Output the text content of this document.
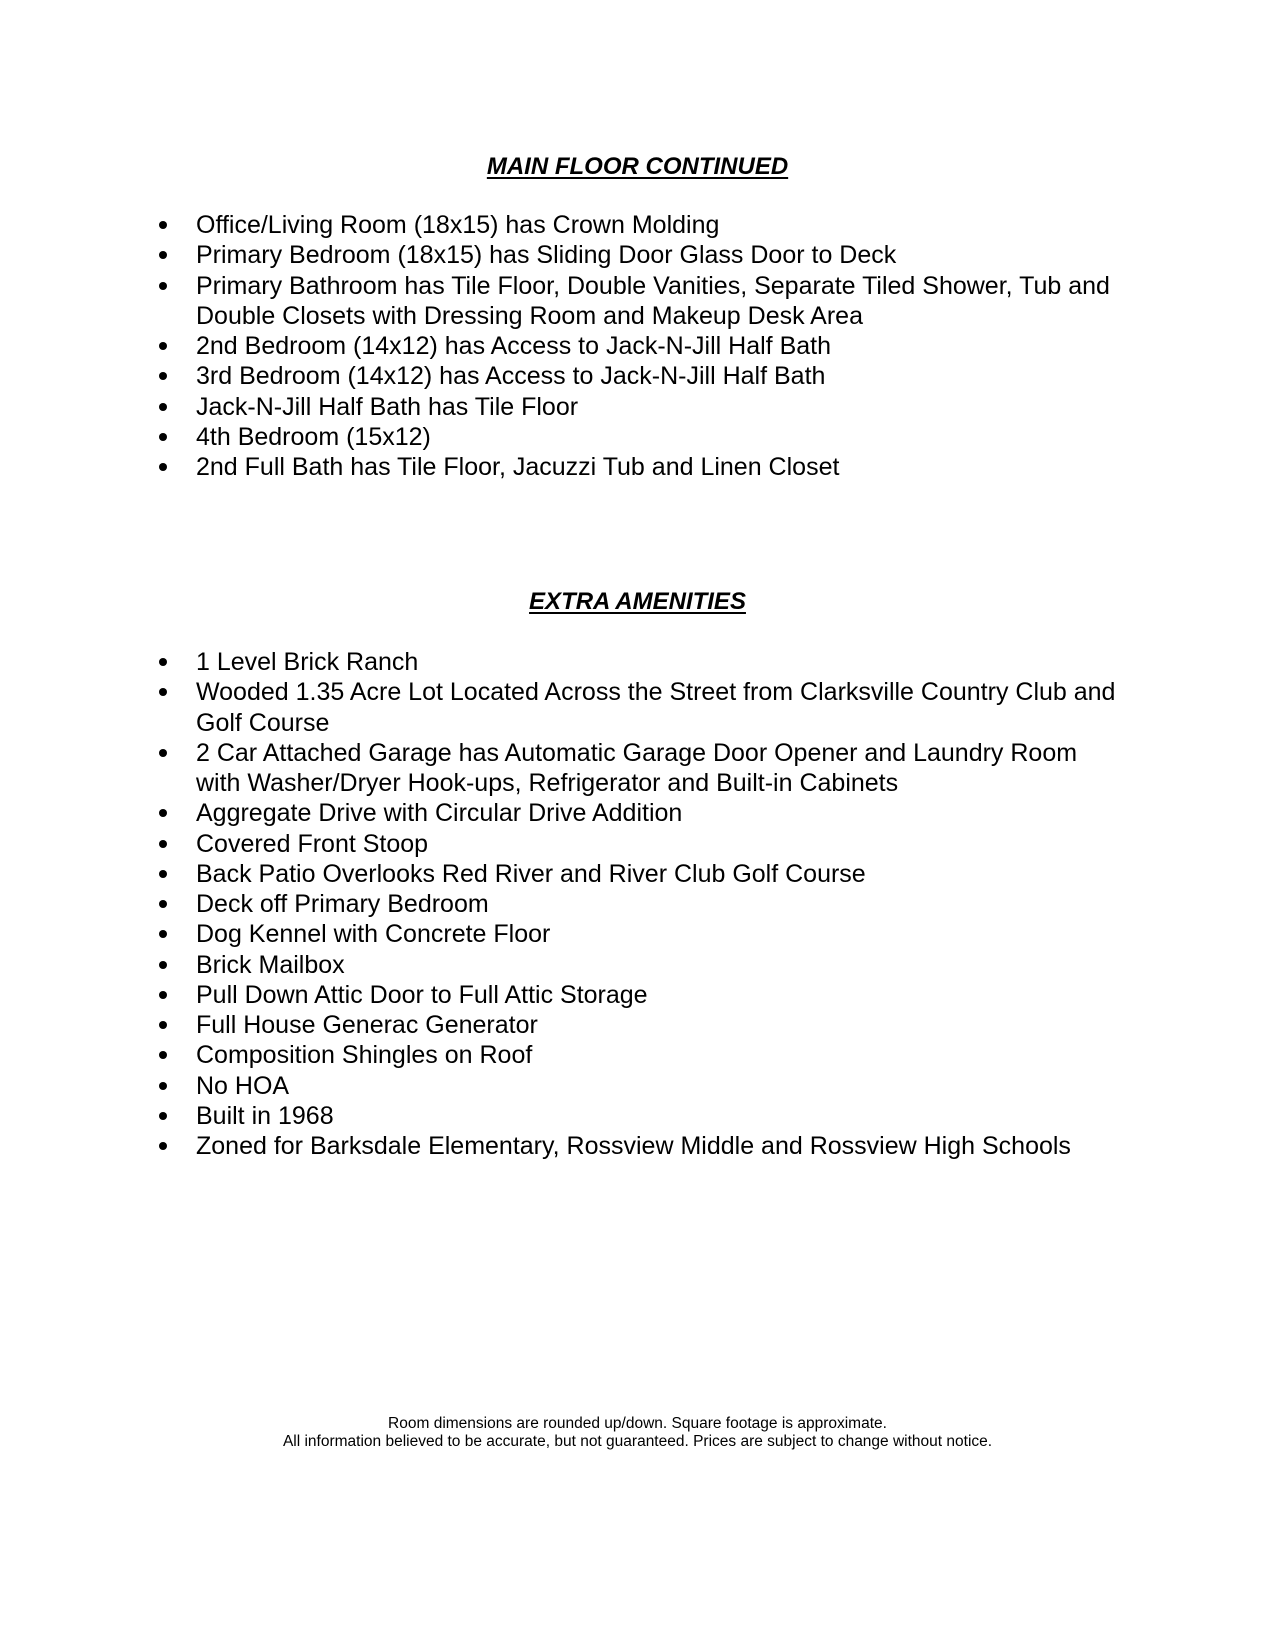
MAIN FLOOR CONTINUED
Office/Living Room (18x15) has Crown Molding
Primary Bedroom (18x15) has Sliding Door Glass Door to Deck
Primary Bathroom has Tile Floor, Double Vanities, Separate Tiled Shower, Tub and Double Closets with Dressing Room and Makeup Desk Area
2nd Bedroom (14x12) has Access to Jack-N-Jill Half Bath
3rd Bedroom (14x12) has Access to Jack-N-Jill Half Bath
Jack-N-Jill Half Bath has Tile Floor
4th Bedroom (15x12)
2nd Full Bath has Tile Floor, Jacuzzi Tub and Linen Closet
EXTRA AMENITIES
1 Level Brick Ranch
Wooded 1.35 Acre Lot Located Across the Street from Clarksville Country Club and Golf Course
2 Car Attached Garage has Automatic Garage Door Opener and Laundry Room with Washer/Dryer Hook-ups, Refrigerator and Built-in Cabinets
Aggregate Drive with Circular Drive Addition
Covered Front Stoop
Back Patio Overlooks Red River and River Club Golf Course
Deck off Primary Bedroom
Dog Kennel with Concrete Floor
Brick Mailbox
Pull Down Attic Door to Full Attic Storage
Full House Generac Generator
Composition Shingles on Roof
No HOA
Built in 1968
Zoned for Barksdale Elementary, Rossview Middle and Rossview High Schools
Room dimensions are rounded up/down. Square footage is approximate.
All information believed to be accurate, but not guaranteed. Prices are subject to change without notice.
